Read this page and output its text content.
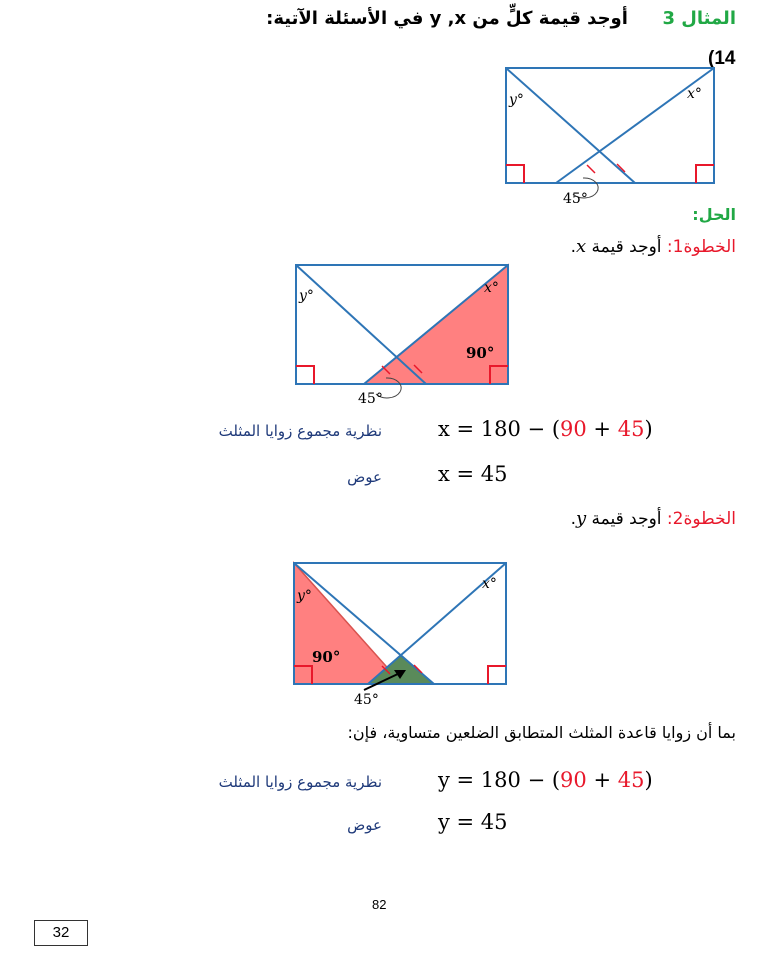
المثال 3  أوجد قيمة كلٍّ من y ,x في الأسئلة الآتية:
(14
y°	x°
45°
الحل:
الخطوة1: أوجد قيمة x.
y°	x°
90°
45°
نظرية مجموع زوايا المثلث	x = 180 − (90 + 45)
عوض	x = 45
الخطوة2: أوجد قيمة y.
y°
x°
90°
45°
بما أن زوايا قاعدة المثلث المتطابق الضلعين متساوية، فإن:
نظرية مجموع زوايا المثلث	y = 180 − (90 + 45)
عوض	y = 45
82
32
